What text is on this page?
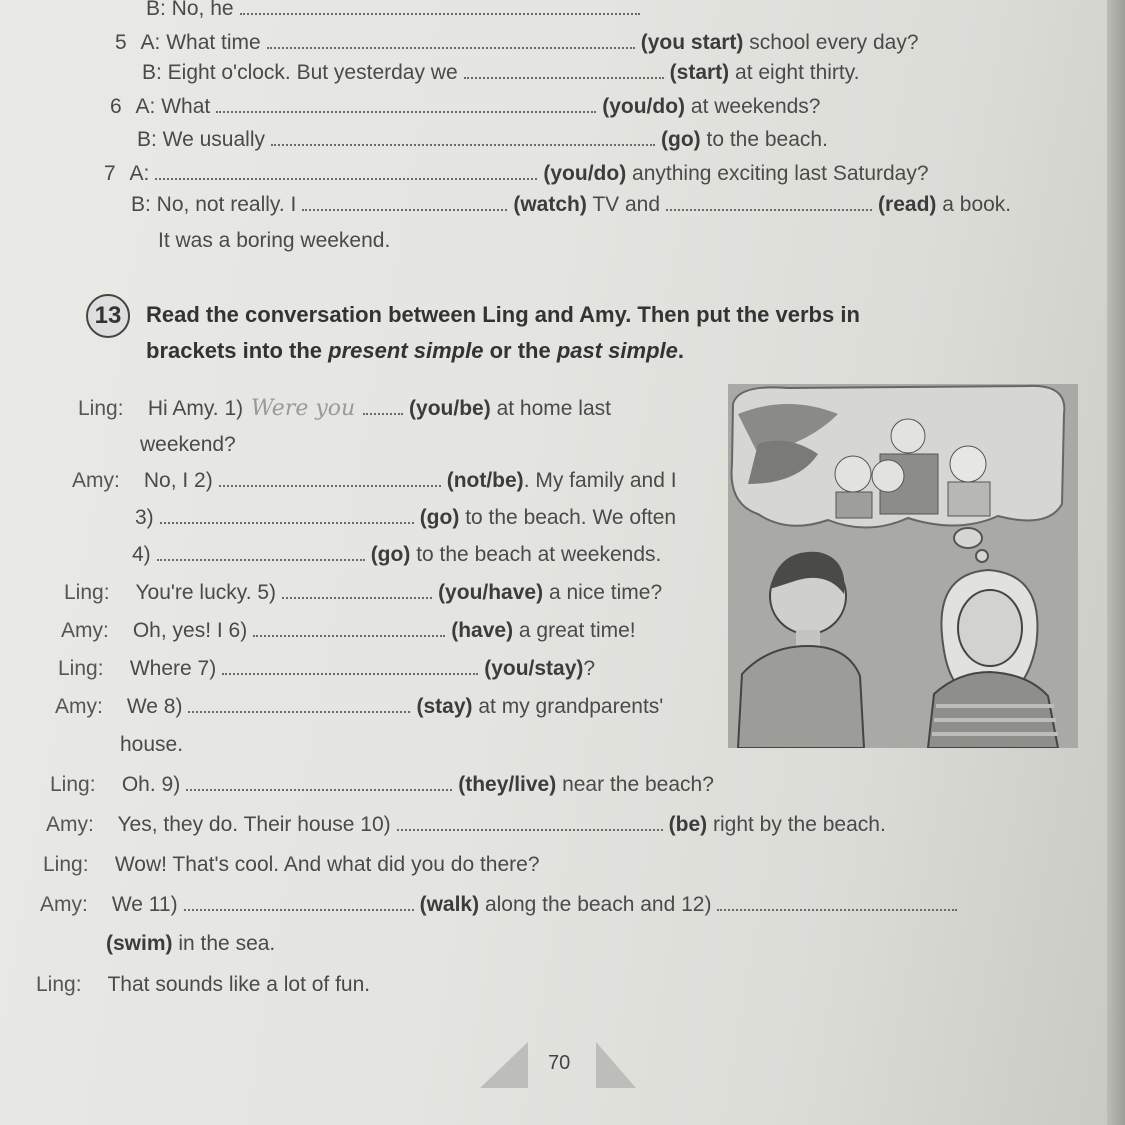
B: No, he
5 A: What time	(you start) school every day?
B: Eight o'clock. But yesterday we	(start) at eight thirty.
6 A: What	(you/do) at weekends?
B: We usually	(go) to the beach.
7 A:	(you/do) anything exciting last Saturday?
B: No, not really. I	(watch) TV and	(read) a book.
It was a boring weekend.
13	Read the conversation between Ling and Amy. Then put the verbs in
brackets into the present simple or the past simple.
Ling: Hi Amy. 1) Were you	(you/be) at home last
weekend?
Amy: No, I 2)	(not/be). My family and I
3)	(go) to the beach. We often
4)	(go) to the beach at weekends.
Ling: You're lucky. 5)	(you/have) a nice time?
Amy: Oh, yes! I 6)	(have) a great time!
Ling: Where 7)	(you/stay)?
Amy: We 8)	(stay) at my grandparents'
house.
Ling: Oh. 9)	(they/live) near the beach?
Amy: Yes, they do. Their house 10)	(be) right by the beach.
Ling: Wow! That's cool. And what did you do there?
Amy: We 11)	(walk) along the beach and 12)
(swim) in the sea.
Ling: That sounds like a lot of fun.
70
